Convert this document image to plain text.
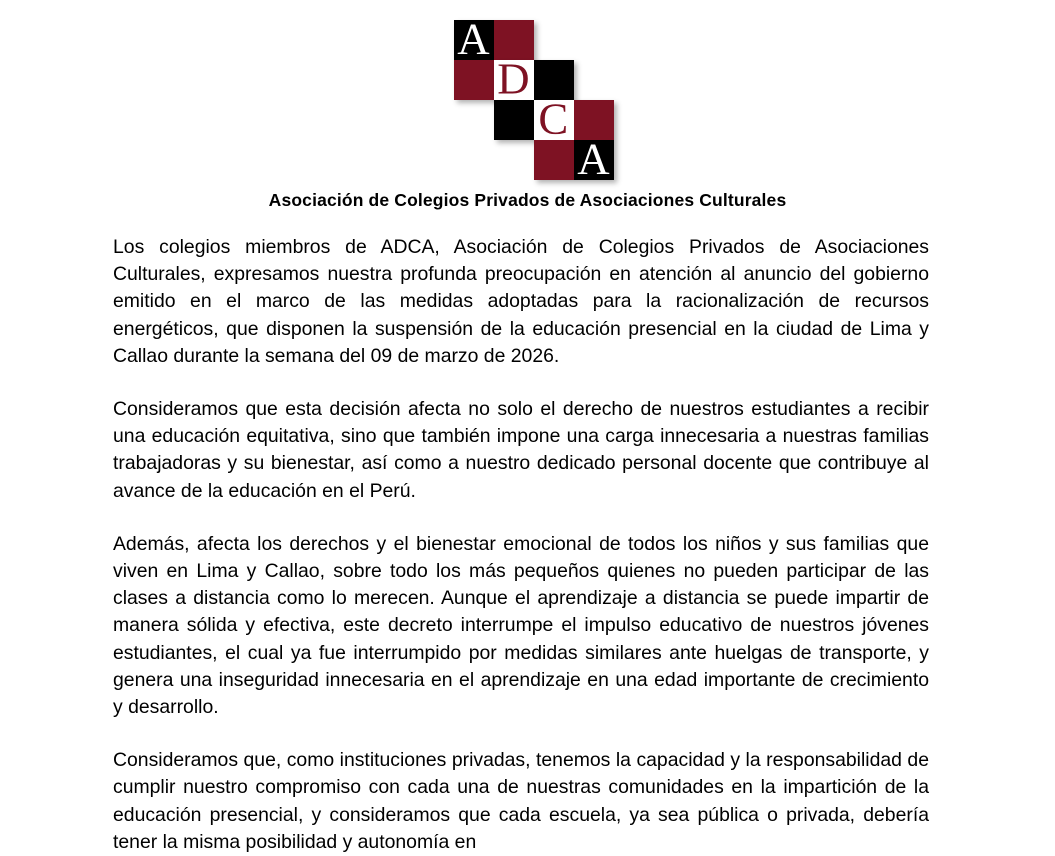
A
D
C
A
Asociación de Colegios Privados de Asociaciones Culturales

Los colegios miembros de ADCA, Asociación de Colegios Privados de Asociaciones Culturales, expresamos nuestra profunda preocupación en atención al anuncio del gobierno emitido en el marco de las medidas adoptadas para la racionalización de recursos energéticos, que disponen la suspensión de la educación presencial en la ciudad de Lima y Callao durante la semana del 09 de marzo de 2026.

Consideramos que esta decisión afecta no solo el derecho de nuestros estudiantes a recibir una educación equitativa, sino que también impone una carga innecesaria a nuestras familias trabajadoras y su bienestar, así como a nuestro dedicado personal docente que contribuye al avance de la educación en el Perú.

Además, afecta los derechos y el bienestar emocional de todos los niños y sus familias que viven en Lima y Callao, sobre todo los más pequeños quienes no pueden participar de las clases a distancia como lo merecen. Aunque el aprendizaje a distancia se puede impartir de manera sólida y efectiva, este decreto interrumpe el impulso educativo de nuestros jóvenes estudiantes, el cual ya fue interrumpido por medidas similares ante huelgas de transporte, y genera una inseguridad innecesaria en el aprendizaje en una edad importante de crecimiento y desarrollo.

Consideramos que, como instituciones privadas, tenemos la capacidad y la responsabilidad de cumplir nuestro compromiso con cada una de nuestras comunidades en la impartición de la educación presencial, y consideramos que cada escuela, ya sea pública o privada, debería tener la misma posibilidad y autonomía en
